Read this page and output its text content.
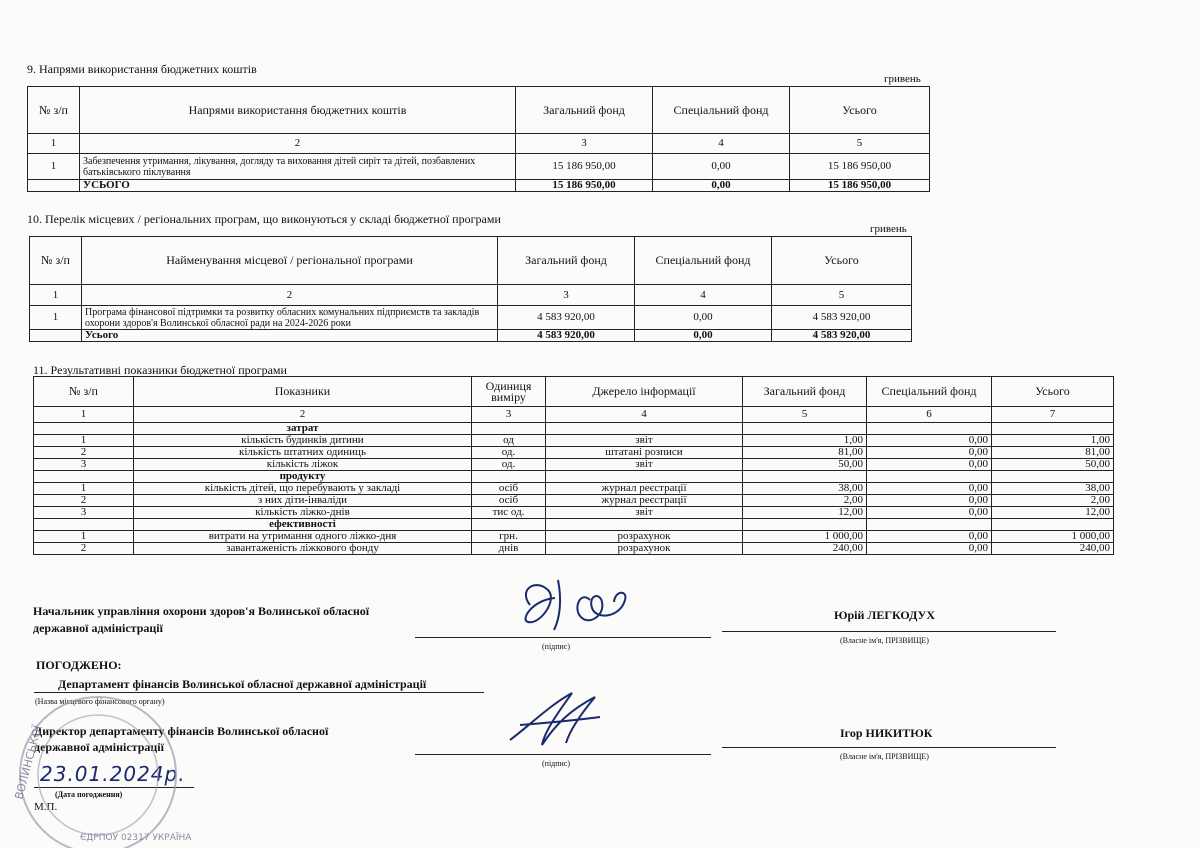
9. Напрями використання бюджетних коштів
гривень
№ з/п	Напрями використання бюджетних коштів	Загальний фонд	Спеціальний фонд	Усього
1	2	3	4	5
1	Забезпечення утримання, лікування, догляду та виховання дітей сиріт та дітей, позбавлених батьківського піклування	15 186 950,00	0,00	15 186 950,00
	УСЬОГО	15 186 950,00	0,00	15 186 950,00
10. Перелік місцевих / регіональних програм, що виконуються у складі бюджетної програми
гривень
№ з/п	Найменування місцевої / регіональної програми	Загальний фонд	Спеціальний фонд	Усього
1	2	3	4	5
1	Програма фінансової підтримки та розвитку обласних комунальних підприємств та закладів охорони здоров'я Волинської обласної ради на 2024-2026 роки	4 583 920,00	0,00	4 583 920,00
	Усього	4 583 920,00	0,00	4 583 920,00
11. Результативні показники бюджетної програми
№ з/п	Показники	Одиниця виміру	Джерело інформації	Загальний фонд	Спеціальний фонд	Усього
1	2	3	4	5	6	7
	затрат					
1	кількість будинків дитини	од	звіт	1,00	0,00	1,00
2	кількість штатних одиниць	од.	штатані розписи	81,00	0,00	81,00
3	кількість ліжок	од.	звіт	50,00	0,00	50,00
	продукту					
1	кількість дітей, що перебувають у закладі	осіб	журнал реєстрації	38,00	0,00	38,00
2	з них діти-інваліди	осіб	журнал реєстрації	2,00	0,00	2,00
3	кількість ліжко-днів	тис од.	звіт	12,00	0,00	12,00
	ефективності					
1	витрати на утримання одного ліжко-дня	грн.	розрахунок	1 000,00	0,00	1 000,00
2	завантаженість ліжкового фонду	днів	розрахунок	240,00	0,00	240,00
Начальник управління охорони здоров'я Волинської обласної
державної адміністрації
(підпис)
Юрій ЛЕГКОДУХ
(Власне ім'я, ПРІЗВИЩЕ)
ПОГОДЖЕНО:
Департамент фінансів Волинської обласної державної адміністрації
(Назва місцевого фінансового органу)
Директор департаменту фінансів Волинської обласної
державної адміністрації
(підпис)
Ігор НИКИТЮК
(Власне ім'я, ПРІЗВИЩЕ)
23.01.2024р.
(Дата погодження)
М.П.
ВОЛИНСЬКОЇ
ЄДРПОУ 02317 УКРАЇНА
